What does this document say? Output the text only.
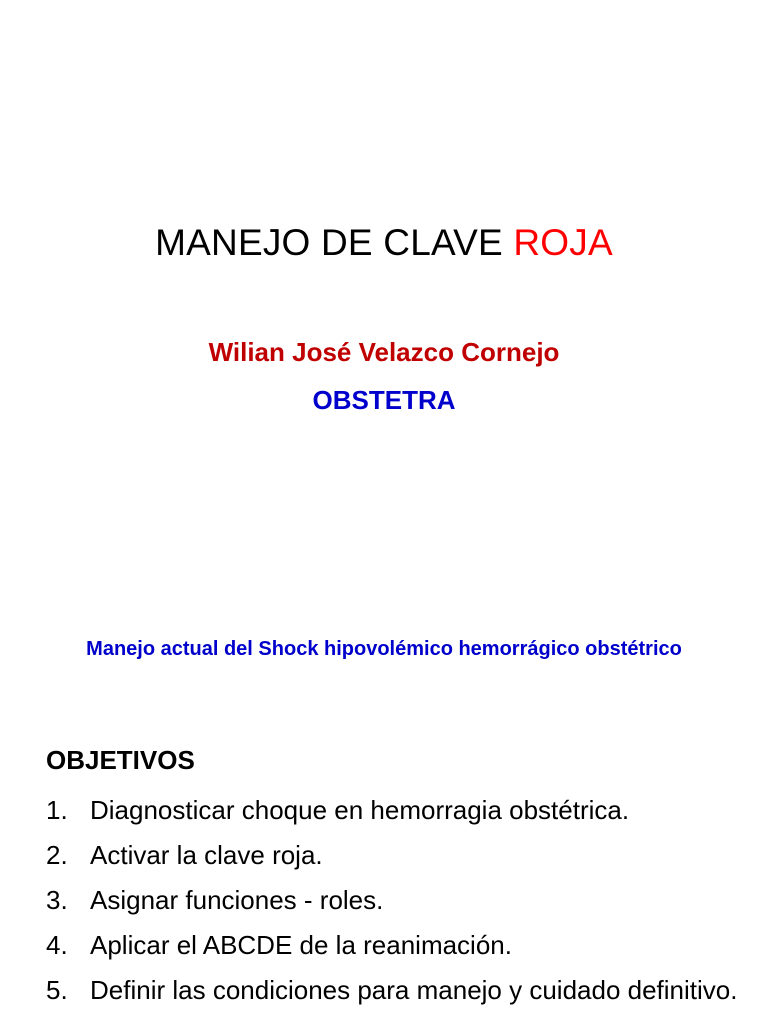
MANEJO DE CLAVE ROJA
Wilian José Velazco Cornejo
OBSTETRA
Manejo actual del Shock hipovolémico hemorrágico obstétrico
OBJETIVOS
1. Diagnosticar choque en hemorragia obstétrica.
2. Activar la clave roja.
3. Asignar funciones - roles.
4. Aplicar el ABCDE de la reanimación.
5. Definir las condiciones para manejo y cuidado definitivo.
